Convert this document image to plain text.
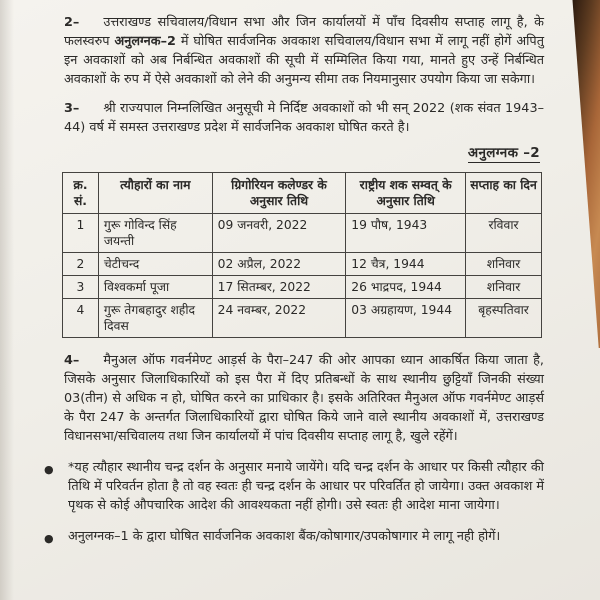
2– उत्तराखण्ड सचिवालय/विधान सभा और जिन कार्यालयों में पाँच दिवसीय सप्ताह लागू है, के फलस्वरुप अनुलग्नक–2 में घोषित सार्वजनिक अवकाश सचिवालय/विधान सभा में लागू नहीं होगें अपितु इन अवकाशों को अब निर्बन्धित अवकाशों की सूची में सम्मिलित किया गया, मानते हुए उन्हें निर्बन्धित अवकाशों के रुप में ऐसे अवकाशों को लेने की अनुमन्य सीमा तक नियमानुसार उपयोग किया जा सकेगा।

3– श्री राज्यपाल निम्नलिखित अनुसूची मे निर्दिष्ट अवकाशों को भी सन् 2022 (शक संवत 1943–44) वर्ष में समस्त उत्तराखण्ड प्रदेश में सार्वजनिक अवकाश घोषित करते है।

अनुलग्नक –2
क्र. सं.	त्यौहारों का नाम	ग्रिगोरियन कलेण्डर के अनुसार तिथि	राष्ट्रीय शक सम्वत् के अनुसार तिथि	सप्ताह का दिन
1	गुरू गोविन्द सिंह जयन्ती	09 जनवरी, 2022	19 पौष, 1943	रविवार
2	चेटीचन्द	02 अप्रैल, 2022	12 चैत्र, 1944	शनिवार
3	विश्वकर्मा पूजा	17 सितम्बर, 2022	26 भाद्रपद, 1944	शनिवार
4	गुरू तेगबहादुर शहीद दिवस	24 नवम्बर, 2022	03 अग्रहायण, 1944	बृहस्पतिवार

4– मैनुअल ऑफ गवर्नमेण्ट आड़र्स के पैरा–247 की ओर आपका ध्यान आकर्षित किया जाता है, जिसके अनुसार जिलाधिकारियों को इस पैरा में दिए प्रतिबन्धों के साथ स्थानीय छुट्टियाँ जिनकी संख्या 03(तीन) से अधिक न हो, घोषित करने का प्राधिकार है। इसके अतिरिक्त मैनुअल ऑफ गवर्नमेण्ट आड़र्स के पैरा 247 के अन्तर्गत जिलाधिकारियों द्वारा घोषित किये जाने वाले स्थानीय अवकाशों में, उत्तराखण्ड विधानसभा/सचिवालय तथा जिन कार्यालयों में पांच दिवसीय सप्ताह लागू है, खुले रहेंगें।

●	*यह त्यौहार स्थानीय चन्द्र दर्शन के अनुसार मनाये जायेंगे। यदि चन्द्र दर्शन के आधार पर किसी त्यौहार की तिथि में परिवर्तन होता है तो वह स्वतः ही चन्द्र दर्शन के आधार पर परिवर्तित हो जायेगा। उक्त अवकाश में पृथक से कोई औपचारिक आदेश की आवश्यकता नहीं होगी। उसे स्वतः ही आदेश माना जायेगा।
●	अनुलग्नक–1 के द्वारा घोषित सार्वजनिक अवकाश बैंक/कोषागार/उपकोषागार मे लागू नही होगें।
